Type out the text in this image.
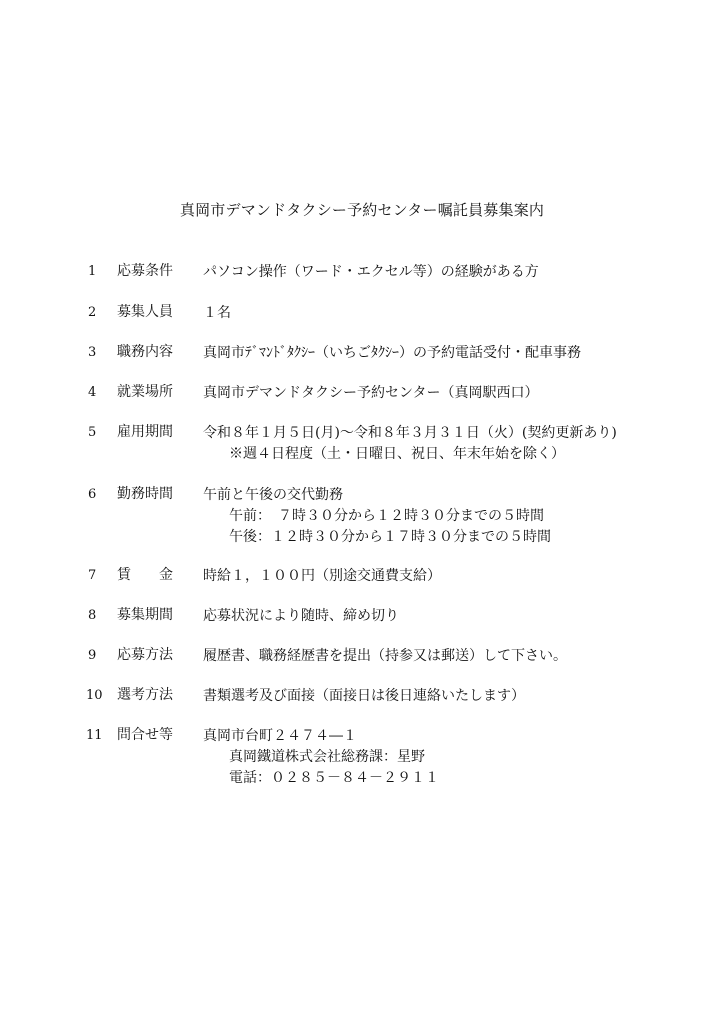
真岡市デマンドタクシー予約センター嘱託員募集案内
1	応募条件 パソコン操作（ワード・エクセル等）の経験がある方
2	募集人員 １名
3	職務内容 真岡市ﾃﾞﾏﾝﾄﾞﾀｸｼｰ（いちごﾀｸｼｰ）の予約電話受付・配車事務
4	就業場所 真岡市デマンドタクシー予約センター（真岡駅西口）
5	雇用期間 令和８年１月５日(月)～令和８年３月３１日（火）(契約更新あり)
※週４日程度（土・日曜日、祝日、年末年始を除く）
6	勤務時間 午前と午後の交代勤務
午前：　７時３０分から１２時３０分までの５時間
午後：１２時３０分から１７時３０分までの５時間
7	賃　　金 時給１，１００円（別途交通費支給）
8	募集期間 応募状況により随時、締め切り
9	応募方法 履歴書、職務経歴書を提出（持参又は郵送）して下さい。
10 選考方法 書類選考及び面接（面接日は後日連絡いたします）
11 問合せ等 真岡市台町２４７４―１
真岡鐵道株式会社総務課：星野
電話：０２８５－８４－２９１１
